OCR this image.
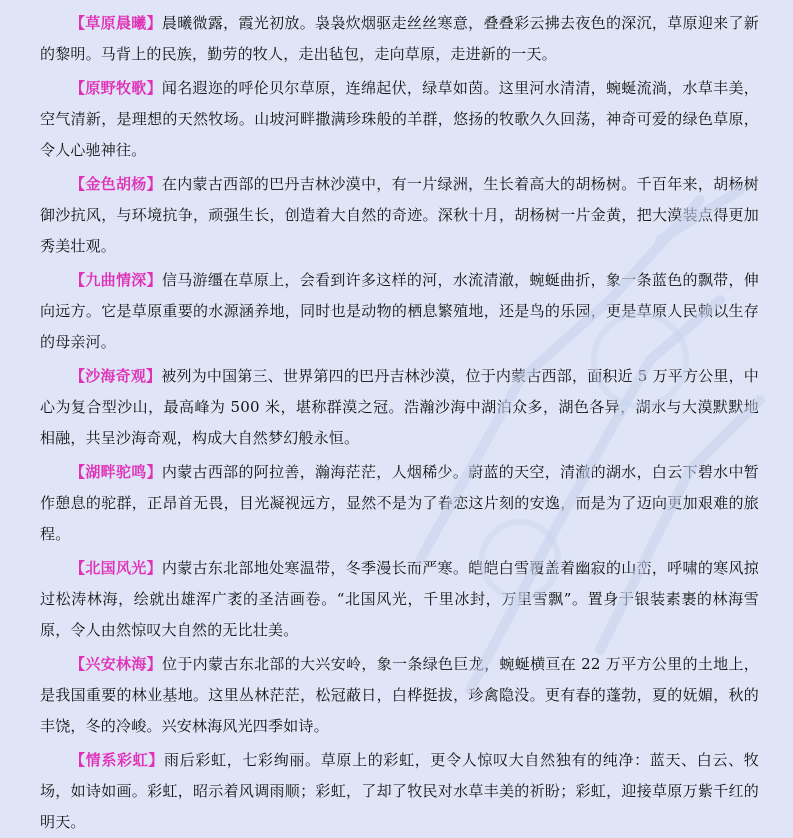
【草原晨曦】晨曦微露，霞光初放。袅袅炊烟驱走丝丝寒意，叠叠彩云拂去夜色的深沉，草原迎来了新的黎明。马背上的民族，勤劳的牧人，走出毡包，走向草原，走进新的一天。

【原野牧歌】闻名遐迩的呼伦贝尔草原，连绵起伏，绿草如茵。这里河水清清，蜿蜒流淌，水草丰美，空气清新，是理想的天然牧场。山坡河畔撒满珍珠般的羊群，悠扬的牧歌久久回荡，神奇可爱的绿色草原，令人心驰神往。

【金色胡杨】在内蒙古西部的巴丹吉林沙漠中，有一片绿洲，生长着高大的胡杨树。千百年来，胡杨树御沙抗风，与环境抗争，顽强生长，创造着大自然的奇迹。深秋十月，胡杨树一片金黄，把大漠装点得更加秀美壮观。

【九曲情深】信马游缰在草原上，会看到许多这样的河，水流清澈，蜿蜒曲折，象一条蓝色的飘带，伸向远方。它是草原重要的水源涵养地，同时也是动物的栖息繁殖地，还是鸟的乐园，更是草原人民赖以生存的母亲河。

【沙海奇观】被列为中国第三、世界第四的巴丹吉林沙漠，位于内蒙古西部，面积近 5 万平方公里，中心为复合型沙山，最高峰为 500 米，堪称群漠之冠。浩瀚沙海中湖泊众多，湖色各异，湖水与大漠默默地相融，共呈沙海奇观，构成大自然梦幻般永恒。

【湖畔驼鸣】内蒙古西部的阿拉善，瀚海茫茫，人烟稀少。蔚蓝的天空，清澈的湖水，白云下碧水中暂作憩息的驼群，正昂首无畏，目光凝视远方，显然不是为了眷恋这片刻的安逸，而是为了迈向更加艰难的旅程。

【北国风光】内蒙古东北部地处寒温带，冬季漫长而严寒。皑皑白雪覆盖着幽寂的山峦，呼啸的寒风掠过松涛林海，绘就出雄浑广袤的圣洁画卷。“北国风光，千里冰封，万里雪飘”。置身于银装素裹的林海雪原，令人由然惊叹大自然的无比壮美。

【兴安林海】位于内蒙古东北部的大兴安岭，象一条绿色巨龙，蜿蜒横亘在 22 万平方公里的土地上，是我国重要的林业基地。这里丛林茫茫，松冠蔽日，白桦挺拔，珍禽隐没。更有春的蓬勃，夏的妩媚，秋的丰饶，冬的冷峻。兴安林海风光四季如诗。

【情系彩虹】雨后彩虹，七彩绚丽。草原上的彩虹，更令人惊叹大自然独有的纯净：蓝天、白云、牧场，如诗如画。彩虹，昭示着风调雨顺；彩虹，了却了牧民对水草丰美的祈盼；彩虹，迎接草原万紫千红的明天。
